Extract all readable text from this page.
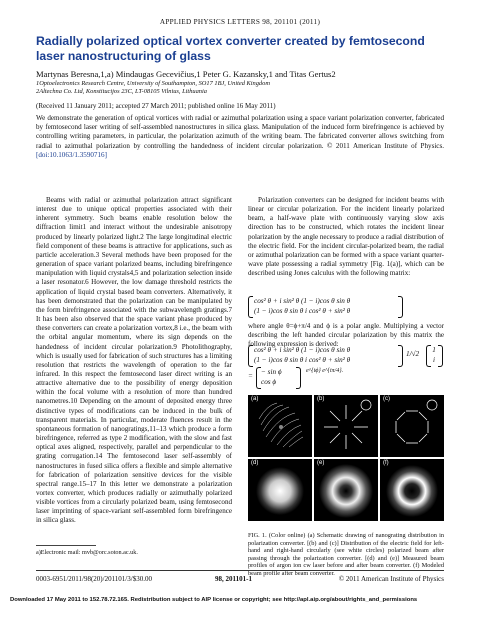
APPLIED PHYSICS LETTERS 98, 201101 (2011)
Radially polarized optical vortex converter created by femtosecond laser nanostructuring of glass
Martynas Beresna,1,a) Mindaugas Gecevičius,1 Peter G. Kazansky,1 and Titas Gertus2
1Optoelectronics Research Centre, University of Southampton, SO17 1BJ, United Kingdom
2Altechna Co. Ltd, Konstitucijos 23C, LT-08105 Vilnius, Lithuania
(Received 11 January 2011; accepted 27 March 2011; published online 16 May 2011)
We demonstrate the generation of optical vortices with radial or azimuthal polarization using a space variant polarization converter, fabricated by femtosecond laser writing of self-assembled nanostructures in silica glass. Manipulation of the induced form birefringence is achieved by controlling writing parameters, in particular, the polarization azimuth of the writing beam. The fabricated converter allows switching from radial to azimuthal polarization by controlling the handedness of incident circular polarization. © 2011 American Institute of Physics. [doi:10.1063/1.3590716]
Beams with radial or azimuthal polarization attract significant interest due to unique optical properties associated with their inherent symmetry. Such beams enable resolution below the diffraction limit1 and interact without the undesirable anisotropy produced by linearly polarized light.2 The large longitudinal electric field component of these beams is attractive for applications, such as particle acceleration.3 Several methods have been proposed for the generation of space variant polarized beams, including birefringence manipulation with liquid crystals4,5 and polarization selection inside a laser resonator.6 However, the low damage threshold restricts the application of liquid crystal based beam converters. Alternatively, it has been demonstrated that the polarization can be manipulated by the form birefringence associated with the subwavelength gratings.7 It has been also observed that the space variant phase produced by these converters can create a polarization vortex,8 i.e., the beam with the orbital angular momentum, where its sign depends on the handedness of incident circular polarization.9 Photolithography, which is usually used for fabrication of such structures has a limiting resolution that restricts the wavelength of operation to the far infrared. In this respect the femtosecond laser direct writing is an attractive alternative due to the possibility of energy deposition within the focal volume with a resolution of more than hundred nanometres.10 Depending on the amount of deposited energy three distinctive types of modifications can be induced in the bulk of transparent materials. In particular, moderate fluences result in the spontaneous formation of nanogratings,11–13 which produce a form birefringence, referred as type 2 modification, with the slow and fast optical axes aligned, respectively, parallel and perpendicular to the grating corrugation.14 The femtosecond laser self-assembly of nanostructures in fused silica offers a flexible and simple alternative for fabrication of polarization sensitive devices for the visible spectral range.15–17 In this letter we demonstrate a polarization vortex converter, which produces radially or azimuthally polarized visible vortices from a circularly polarized beam, using femtosecond laser imprinting of space-variant self-assembled form birefringence in silica glass.
Polarization converters can be designed for incident beams with linear or circular polarization. For the incident linearly polarized beam, a half-wave plate with continuously varying slow axis direction has to be constructed, which rotates the incident linear polarization by the angle necessary to produce a radial distribution of the electric field. For the incident circular-polarized beam, the radial or azimuthal polarization can be formed with a space variant quarter-wave plate possessing a radial symmetry [Fig. 1(a)], which can be described using Jones calculus with the following matrix:
cos² θ + i sin² θ (1 − i)cos θ sin θ
(1 − i)cos θ sin θ i cos² θ + sin² θ
where angle θ=ϕ+π/4 and ϕ is a polar angle. Multiplying a vector describing the left handed circular polarization by this matrix the following expression is derived:
cos² θ + i sin² θ (1 − i)cos θ sin θ
(1 − i)cos θ sin θ i cos² θ + sin² θ
1/√2 1
i
= − sin ϕ
cos ϕ
e^{iϕ} e^{iπ/4}.
(a)	(b)	(c)
(d)	(e)	(f)
FIG. 1. (Color online) (a) Schematic drawing of nanograting distribution in polarization converter. [(b) and (c)] Distribution of the electric field for left-hand and right-hand circularly (see white circles) polarized beam after passing through the polarization converter. [(d) and (e)] Measured beam profiles of argon ion cw laser before and after beam converter. (f) Modeled beam profile after beam converter.
a)Electronic mail: mvb@orc.soton.ac.uk.
0003-6951/2011/98(20)/201101/3/$30.00	98, 201101-1	© 2011 American Institute of Physics
Downloaded 17 May 2011 to 152.78.72.165. Redistribution subject to AIP license or copyright; see http://apl.aip.org/about/rights_and_permissions
